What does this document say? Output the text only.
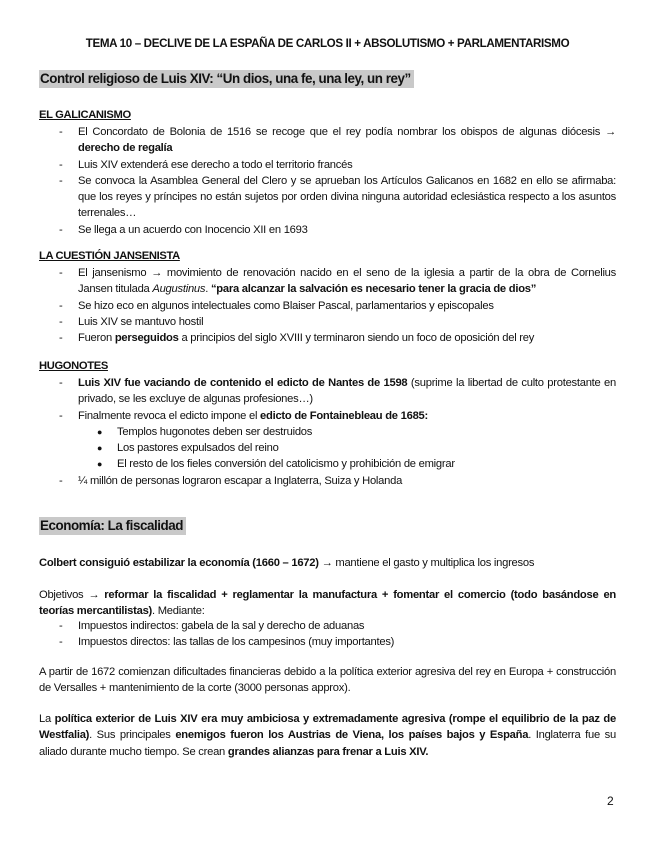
TEMA 10 – DECLIVE DE LA ESPAÑA DE CARLOS II + ABSOLUTISMO + PARLAMENTARISMO
Control religioso de Luis XIV: “Un dios, una fe, una ley, un rey”
EL GALICANISMO
- El Concordato de Bolonia de 1516 se recoge que el rey podía nombrar los obispos de algunas diócesis → derecho de regalía
- Luis XIV extenderá ese derecho a todo el territorio francés
- Se convoca la Asamblea General del Clero y se aprueban los Artículos Galicanos en 1682 en ello se afirmaba: que los reyes y príncipes no están sujetos por orden divina ninguna autoridad eclesiástica respecto a los asuntos terrenales…
- Se llega a un acuerdo con Inocencio XII en 1693
LA CUESTIÓN JANSENISTA
- El jansenismo → movimiento de renovación nacido en el seno de la iglesia a partir de la obra de Cornelius Jansen titulada Augustinus. “para alcanzar la salvación es necesario tener la gracia de dios”
- Se hizo eco en algunos intelectuales como Blaiser Pascal, parlamentarios y episcopales
- Luis XIV se mantuvo hostil
- Fueron perseguidos a principios del siglo XVIII y terminaron siendo un foco de oposición del rey
HUGONOTES
- Luis XIV fue vaciando de contenido el edicto de Nantes de 1598 (suprime la libertad de culto protestante en privado, se les excluye de algunas profesiones…)
- Finalmente revoca el edicto impone el edicto de Fontainebleau de 1685:
● Templos hugonotes deben ser destruidos
● Los pastores expulsados del reino
● El resto de los fieles conversión del catolicismo y prohibición de emigrar
- ¼ millón de personas lograron escapar a Inglaterra, Suiza y Holanda
Economía: La fiscalidad
Colbert consiguió estabilizar la economía (1660 – 1672) → mantiene el gasto y multiplica los ingresos
Objetivos → reformar la fiscalidad + reglamentar la manufactura + fomentar el comercio (todo basándose en teorías mercantilistas). Mediante:
- Impuestos indirectos: gabela de la sal y derecho de aduanas
- Impuestos directos: las tallas de los campesinos (muy importantes)
A partir de 1672 comienzan dificultades financieras debido a la política exterior agresiva del rey en Europa + construcción de Versalles + mantenimiento de la corte (3000 personas approx).
La política exterior de Luis XIV era muy ambiciosa y extremadamente agresiva (rompe el equilibrio de la paz de Westfalia). Sus principales enemigos fueron los Austrias de Viena, los países bajos y España. Inglaterra fue su aliado durante mucho tiempo. Se crean grandes alianzas para frenar a Luis XIV.
2
